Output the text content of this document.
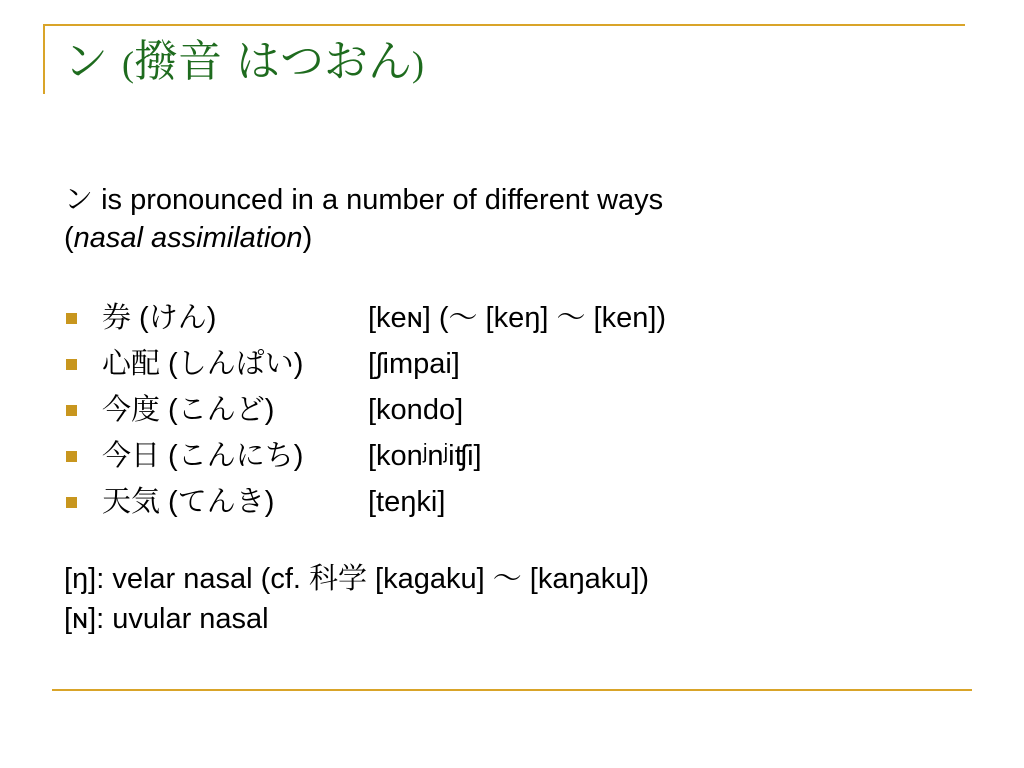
ン (撥音 はつおん)
ン is pronounced in a number of different ways
(nasal assimilation)
券 (けん)	[keɴ] (～ [keŋ] ～ [ken])
心配 (しんぱい) [ʃimpai]
今度 (こんど)	[kondo]
今日 (こんにち) [konʲnʲiʧi]
天気 (てんき)	[teŋki]
[ŋ]: velar nasal (cf. 科学 [kagaku] ～ [kaŋaku])
[ɴ]: uvular nasal
